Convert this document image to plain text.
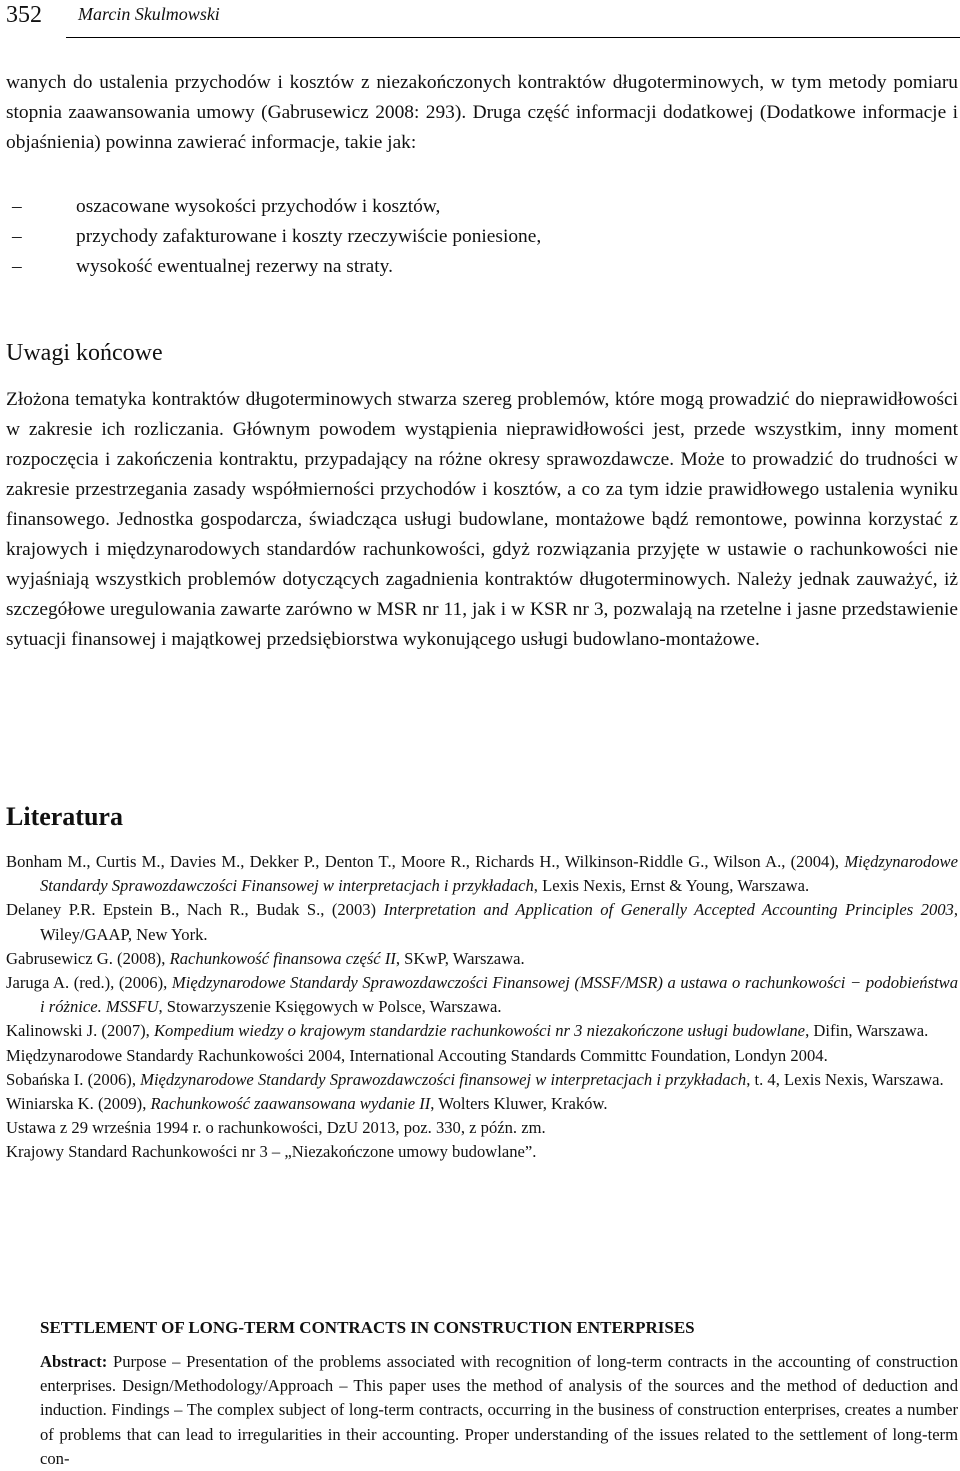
352 Marcin Skulmowski

wanych do ustalenia przychodów i kosztów z niezakończonych kontraktów długoterminowych, w tym metody pomiaru stopnia zaawansowania umowy (Gabrusewicz 2008: 293). Druga część informacji dodatkowej (Dodatkowe informacje i objaśnienia) powinna zawierać informacje, takie jak:

–	oszacowane wysokości przychodów i kosztów,
–	przychody zafakturowane i koszty rzeczywiście poniesione,
–	wysokość ewentualnej rezerwy na straty.
Uwagi końcowe

Złożona tematyka kontraktów długoterminowych stwarza szereg problemów, które mogą prowadzić do nieprawidłowości w zakresie ich rozliczania. Głównym powodem wystąpienia nieprawidłowości jest, przede wszystkim, inny moment rozpoczęcia i zakończenia kontraktu, przypadający na różne okresy sprawozdawcze. Może to prowadzić do trudności w zakresie przestrzegania zasady współmierności przychodów i kosztów, a co za tym idzie prawidłowego ustalenia wyniku finansowego. Jednostka gospodarcza, świadcząca usługi budowlane, montażowe bądź remontowe, powinna korzystać z krajowych i międzynarodowych standardów rachunkowości, gdyż rozwiązania przyjęte w ustawie o rachunkowości nie wyjaśniają wszystkich problemów dotyczących zagadnienia kontraktów długoterminowych. Należy jednak zauważyć, iż szczegółowe uregulowania zawarte zarówno w MSR nr 11, jak i w KSR nr 3, pozwalają na rzetelne i jasne przedstawienie sytuacji finansowej i majątkowej przedsiębiorstwa wykonującego usługi budowlano-montażowe.

Literatura

Bonham M., Curtis M., Davies M., Dekker P., Denton T., Moore R., Richards H., Wilkinson-Riddle G., Wilson A., (2004), Międzynarodowe Standardy Sprawozdawczości Finansowej w interpretacjach i przykładach, Lexis Nexis, Ernst & Young, Warszawa.

Delaney P.R. Epstein B., Nach R., Budak S., (2003) Interpretation and Application of Generally Accepted Accounting Principles 2003, Wiley/GAAP, New York.

Gabrusewicz G. (2008), Rachunkowość finansowa część II, SKwP, Warszawa.

Jaruga A. (red.), (2006), Międzynarodowe Standardy Sprawozdawczości Finansowej (MSSF/MSR) a ustawa o rachunkowości − podobieństwa i różnice. MSSFU, Stowarzyszenie Księgowych w Polsce, Warszawa.

Kalinowski J. (2007), Kompedium wiedzy o krajowym standardzie rachunkowości nr 3 niezakończone usługi budowlane, Difin, Warszawa.

Międzynarodowe Standardy Rachunkowości 2004, International Accouting Standards Committc Foundation, Londyn 2004.

Sobańska I. (2006), Międzynarodowe Standardy Sprawozdawczości finansowej w interpretacjach i przykładach, t. 4, Lexis Nexis, Warszawa.

Winiarska K. (2009), Rachunkowość zaawansowana wydanie II, Wolters Kluwer, Kraków.

Ustawa z 29 września 1994 r. o rachunkowości, DzU 2013, poz. 330, z późn. zm.

Krajowy Standard Rachunkowości nr 3 – „Niezakończone umowy budowlane”.

SETTLEMENT OF LONG-TERM CONTRACTS IN CONSTRUCTION ENTERPRISES

Abstract: Purpose – Presentation of the problems associated with recognition of long-term contracts in the accounting of construction enterprises. Design/Methodology/Approach – This paper uses the method of analysis of the sources and the method of deduction and induction. Findings – The complex subject of long-term contracts, occurring in the business of construction enterprises, creates a number of problems that can lead to irregularities in their accounting. Proper understanding of the issues related to the settlement of long-term con-
